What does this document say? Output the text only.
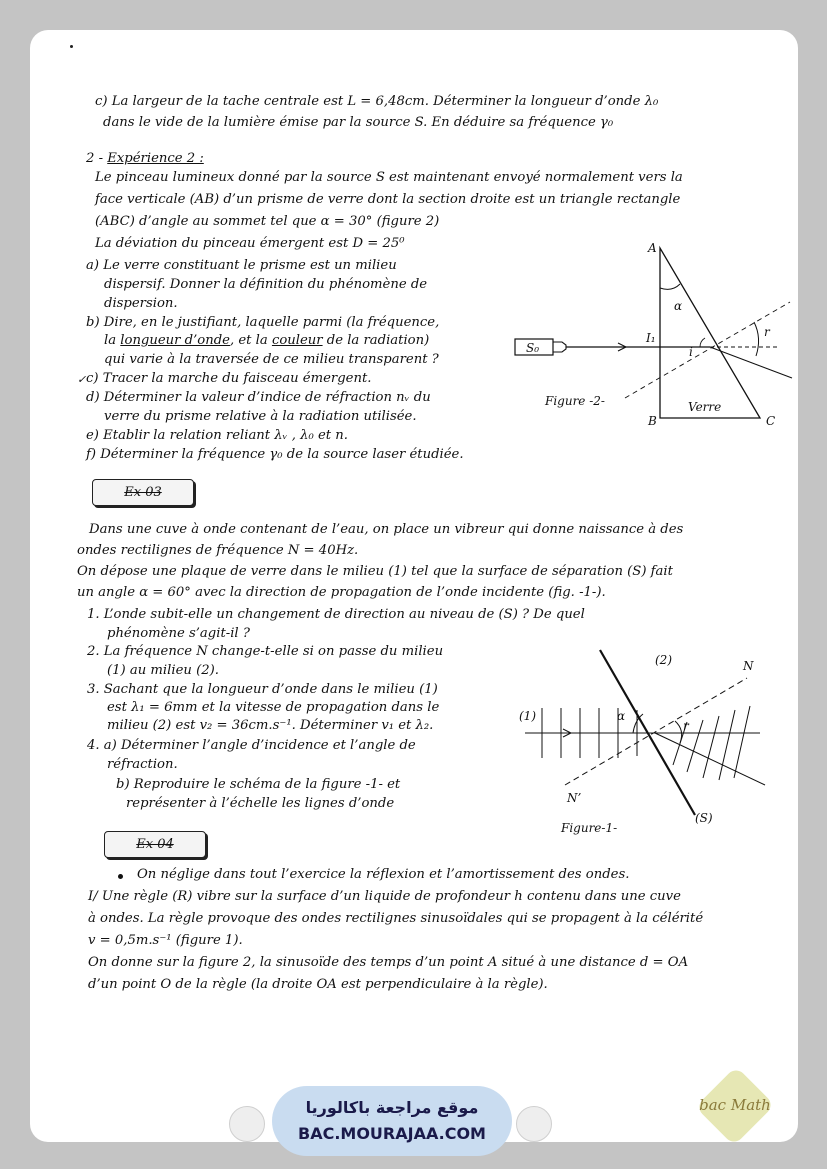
c) La largeur de la tache centrale est L = 6,48cm. Déterminer la longueur d’onde λ₀
dans le vide de la lumière émise par la source S. En déduire sa fréquence γ₀
2 - Expérience 2 :
Le pinceau lumineux donné par la source S est maintenant envoyé normalement vers la
face verticale (AB) d’un prisme de verre dont la section droite est un triangle rectangle
(ABC) d’angle au sommet tel que α = 30° (figure 2)
La déviation du pinceau émergent est D = 25⁰
a) Le verre constituant le prisme est un milieu
dispersif. Donner la définition du phénomène de
dispersion.
b) Dire, en le justifiant, laquelle parmi (la fréquence,
la longueur d’onde, et la couleur de la radiation)
qui varie à la traversée de ce milieu transparent ?
✓ c) Tracer la marche du faisceau émergent.
d) Déterminer la valeur d’indice de réfraction nᵥ du
verre du prisme relative à la radiation utilisée.
e) Etablir la relation reliant λᵥ , λ₀ et n.
f) Déterminer la fréquence γ₀ de la source laser étudiée.
A
B	C
I₁
α
i
r
S₀
Verre
Figure -2-
Ex 03
Dans une cuve à onde contenant de l’eau, on place un vibreur qui donne naissance à des
ondes rectilignes de fréquence N = 40Hz.
On dépose une plaque de verre dans le milieu (1) tel que la surface de séparation (S) fait
un angle α = 60° avec la direction de propagation de l’onde incidente (fig. -1-).
1. L’onde subit-elle un changement de direction au niveau de (S) ? De quel
phénomène s’agit-il ?
2. La fréquence N change-t-elle si on passe du milieu
(1) au milieu (2).
3. Sachant que la longueur d’onde dans le milieu (1)
est λ₁ = 6mm et la vitesse de propagation dans le
milieu (2) est v₂ = 36cm.s⁻¹. Déterminer v₁ et λ₂.
4. a) Déterminer l’angle d’incidence et l’angle de
réfraction.
b) Reproduire le schéma de la figure -1- et
représenter à l’échelle les lignes d’onde
(1)
(2)	N
N’
(S)
α
r
Figure-1-
Ex 04
On néglige dans tout l’exercice la réflexion et l’amortissement des ondes.
I/ Une règle (R) vibre sur la surface d’un liquide de profondeur h contenu dans une cuve
à ondes. La règle provoque des ondes rectilignes sinusoïdales qui se propagent à la célérité
v = 0,5m.s⁻¹ (figure 1).
On donne sur la figure 2, la sinusoïde des temps d’un point A situé à une distance d = OA
d’un point O de la règle (la droite OA est perpendiculaire à la règle).
موقع مراجعة باكالوريا
BAC.MOURAJAA.COM
bac Math
